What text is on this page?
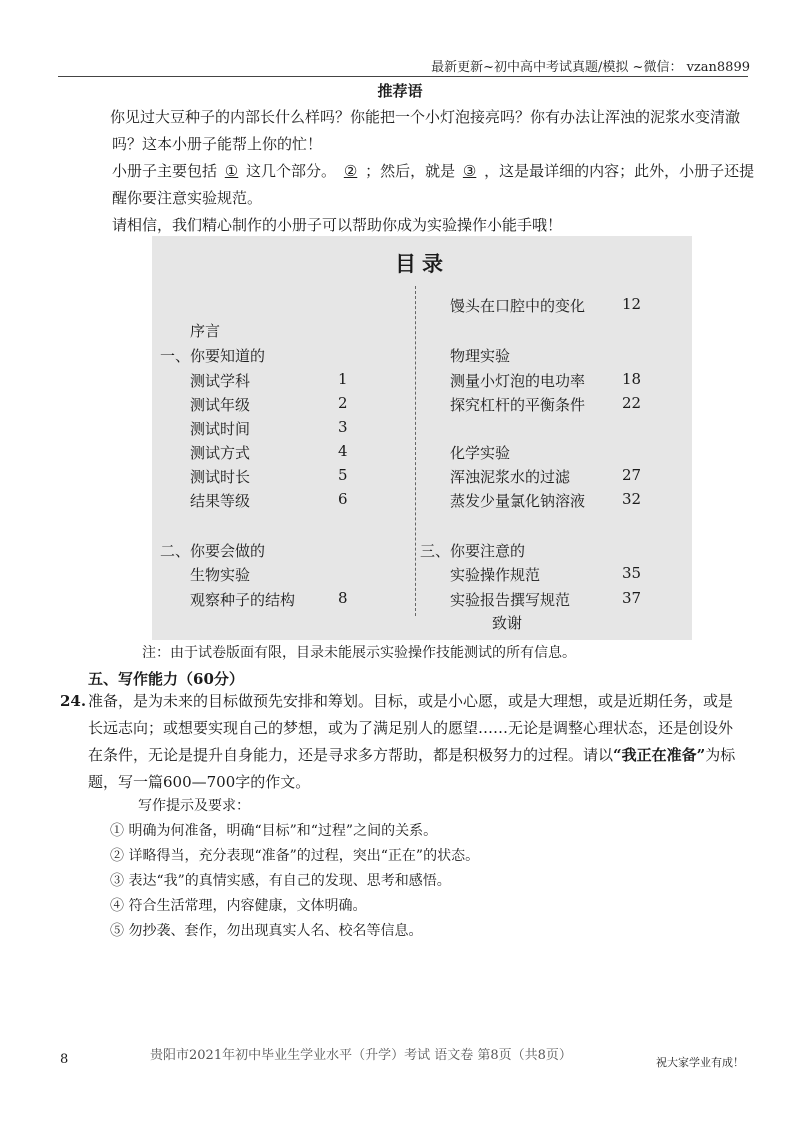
最新更新~初中高中考试真题/模拟 ~微信： vzan8899
推荐语
你见过大豆种子的内部长什么样吗？你能把一个小灯泡接亮吗？你有办法让浑浊的泥浆水变清澈吗？这本小册子能帮上你的忙！
小册子主要包括 ① 这几个部分。 ② ；然后，就是 ③ ，这是最详细的内容；此外，小册子还提醒你要注意实验规范。
请相信，我们精心制作的小册子可以帮助你成为实验操作小能手哦！
目录
序言
一、你要知道的
测试学科	1
测试年级	2
测试时间	3
测试方式	4
测试时长	5
结果等级	6
二、你要会做的
生物实验
观察种子的结构	8
馒头在口腔中的变化 12
物理实验
测量小灯泡的电功率 18
探究杠杆的平衡条件 22
化学实验
浑浊泥浆水的过滤	27
蒸发少量氯化钠溶液 32
三、你要注意的
实验操作规范	35
实验报告撰写规范	37
致谢
注：由于试卷版面有限，目录未能展示实验操作技能测试的所有信息。
五、写作能力（60分）
24. 准备，是为未来的目标做预先安排和筹划。目标，或是小心愿，或是大理想，或是近期任务，或是长远志向；或想要实现自己的梦想，或为了满足别人的愿望……无论是调整心理状态，还是创设外在条件，无论是提升自身能力，还是寻求多方帮助，都是积极努力的过程。请以“我正在准备”为标题，写一篇600—700字的作文。
写作提示及要求：
① 明确为何准备，明确“目标”和“过程”之间的关系。
② 详略得当，充分表现“准备”的过程，突出“正在”的状态。
③ 表达“我”的真情实感，有自己的发现、思考和感悟。
④ 符合生活常理，内容健康，文体明确。
⑤ 勿抄袭、套作，勿出现真实人名、校名等信息。
8	贵阳市2021年初中毕业生学业水平（升学）考试 语文卷 第8页（共8页）	祝大家学业有成！
